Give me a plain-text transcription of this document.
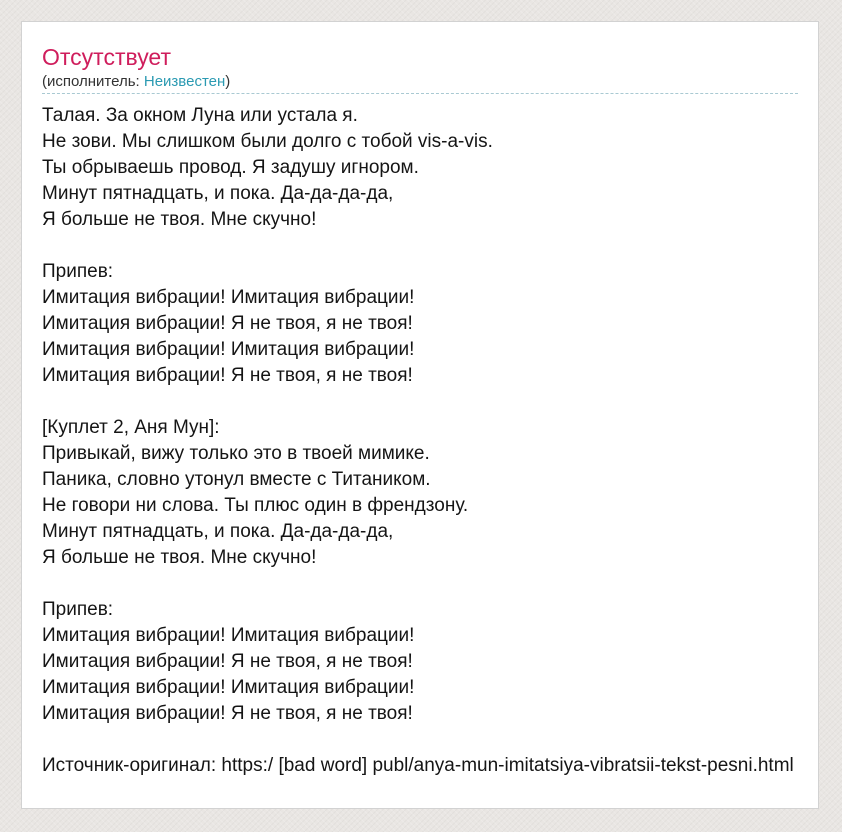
Отсутствует
(исполнитель: Неизвестен)
Талая. За окном Луна или устала я.
Не зови. Мы слишком были долго с тобой vis-a-vis.
Ты обрываешь провод. Я задушу игнором.
Минут пятнадцать, и пока. Да-да-да-да,
Я больше не твоя. Мне скучно!

Припев:
Имитация вибрации! Имитация вибрации!
Имитация вибрации! Я не твоя, я не твоя!
Имитация вибрации! Имитация вибрации!
Имитация вибрации! Я не твоя, я не твоя!

[Куплет 2, Аня Мун]:
Привыкай, вижу только это в твоей мимике.
Паника, словно утонул вместе с Титаником.
Не говори ни слова. Ты плюс один в френдзону.
Минут пятнадцать, и пока. Да-да-да-да,
Я больше не твоя. Мне скучно!

Припев:
Имитация вибрации! Имитация вибрации!
Имитация вибрации! Я не твоя, я не твоя!
Имитация вибрации! Имитация вибрации!
Имитация вибрации! Я не твоя, я не твоя!

Источник-оригинал: https:/ [bad word] publ/anya-mun-imitatsiya-vibratsii-tekst-pesni.html
